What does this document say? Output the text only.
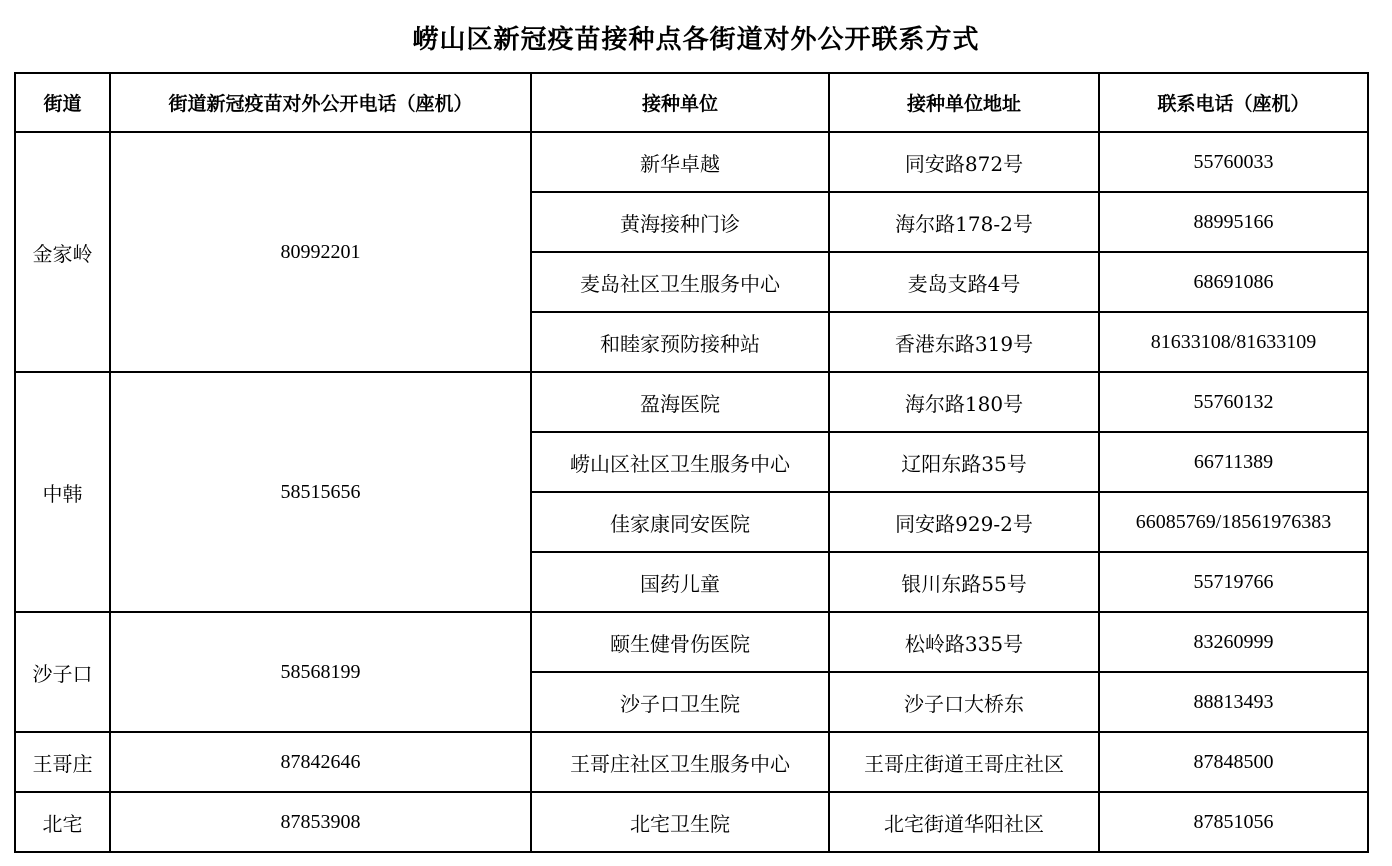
崂山区新冠疫苗接种点各街道对外公开联系方式
街道	街道新冠疫苗对外公开电话（座机）	接种单位	接种单位地址	联系电话（座机）
金家岭	80992201	新华卓越	同安路872号	55760033
		黄海接种门诊	海尔路178-2号	88995166
		麦岛社区卫生服务中心	麦岛支路4号	68691086
		和睦家预防接种站	香港东路319号	81633108/81633109
中韩	58515656	盈海医院	海尔路180号	55760132
		崂山区社区卫生服务中心	辽阳东路35号	66711389
		佳家康同安医院	同安路929-2号	66085769/18561976383
		国药儿童	银川东路55号	55719766
沙子口	58568199	颐生健骨伤医院	松岭路335号	83260999
		沙子口卫生院	沙子口大桥东	88813493
王哥庄	87842646	王哥庄社区卫生服务中心	王哥庄街道王哥庄社区	87848500
北宅	87853908	北宅卫生院	北宅街道华阳社区	87851056
